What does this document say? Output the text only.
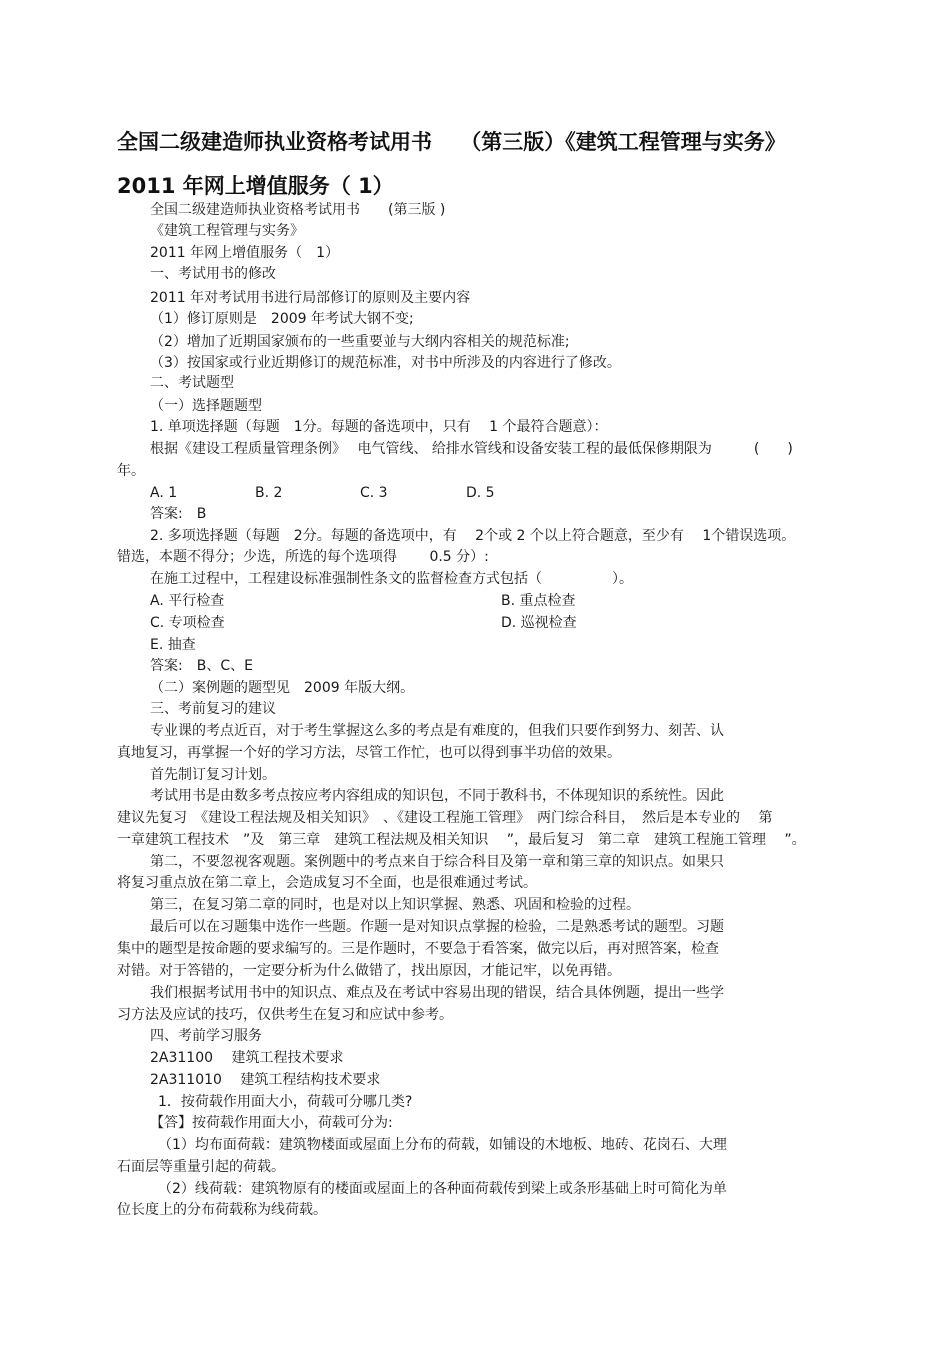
全国二级建造师执业资格考试用书　 （第三版）《建筑工程管理与实务》
2011 年网上增值服务（ 1）
全国二级建造师执业资格考试用书　　(第三版 )
《建筑工程管理与实务》
2011 年网上增值服务（　1）
一、考试用书的修改
2011 年对考试用书进行局部修订的原则及主要内容
（1）修订原则是　2009 年考试大钢不变;
（2）增加了近期国家颁布的一些重要並与大纲内容相关的规范标准;
（3）按国家或行业近期修订的规范标准，对书中所涉及的内容进行了修改。
二、考试题型
（一）选择题题型
1. 单项选择题（每题　1分。每题的备选项中，只有　 1 个最符合题意）：
根据《建设工程质量管理条例》　 电气管线、 给排水管线和设备安装工程的最低保修期限为　　　(　　)
年。
A. 1	B. 2	C. 3	D. 5
答案:　B
2. 多项选择题（每题　2分。每题的备选项中，有　 2个或 2 个以上符合题意，至少有　 1个错误选项。
错选，本题不得分；少选，所选的每个选项得　　 0.5 分）:
在施工过程中，工程建设标准强制性条文的监督检查方式包括（　　　　　）。
A. 平行检查	B. 重点检查
C. 专项检查	D. 巡视检查
E. 抽查
答案:　B、C、E
（二）案例题的题型见　2009 年版大纲。
三、考前复习的建议
专业课的考点近百，对于考生掌握这么多的考点是有难度的，但我们只要作到努力、刻苦、认
真地复习，再掌握一个好的学习方法，尽管工作忙，也可以得到事半功倍的效果。
首先制订复习计划。
考试用书是由数多考点按应考内容组成的知识包，不同于教科书，不体现知识的系统性。因此
建议先复习　《建设工程法规及相关知识》　、《建设工程施工管理》　两门综合科目，　然后是本专业的　 第
一章建筑工程技术　”及　第三章　建筑工程法规及相关知识　 ”，最后复习　第二章　建筑工程施工管理　 ”。
第二，不要忽视客观题。案例题中的考点来自于综合科目及第一章和第三章的知识点。如果只
将复习重点放在第二章上，会造成复习不全面，也是很难通过考试。
第三，在复习第二章的同时，也是对以上知识掌握、熟悉、巩固和检验的过程。
最后可以在习题集中选作一些题。作题一是对知识点掌握的检验，二是熟悉考试的题型。习题
集中的题型是按命题的要求编写的。三是作题时，不要急于看答案，做完以后，再对照答案，检查
对错。对于答错的，一定要分析为什么做错了，找出原因，才能记牢，以免再错。
我们根据考试用书中的知识点、难点及在考试中容易出现的错误，结合具体例题，提出一些学
习方法及应试的技巧，仅供考生在复习和应试中参考。
四、考前学习服务
2A31100　 建筑工程技术要求
2A311010　 建筑工程结构技术要求
1．按荷载作用面大小，荷载可分哪几类?
【答】按荷载作用面大小，荷载可分为:
（1）均布面荷载：建筑物楼面或屋面上分布的荷载，如铺设的木地板、地砖、花岗石、大理
石面层等重量引起的荷载。
（2）线荷载：建筑物原有的楼面或屋面上的各种面荷载传到梁上或条形基础上时可简化为单
位长度上的分布荷载称为线荷载。
